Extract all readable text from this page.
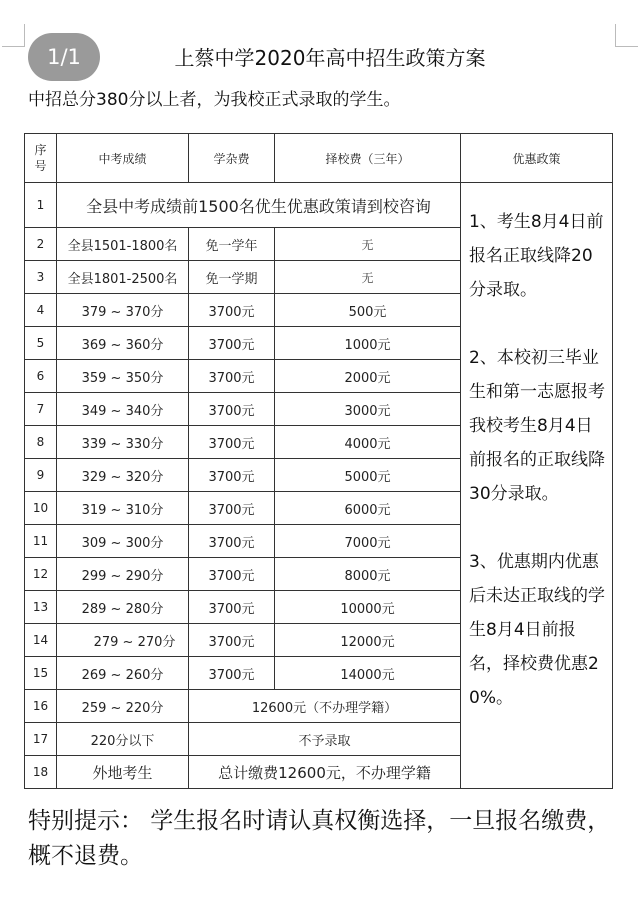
1/1	上蔡中学2020年高中招生政策方案
中招总分380分以上者，为我校正式录取的学生。
序号	中考成绩	学杂费	择校费（三年）	优惠政策
1	全县中考成绩前1500名优生优惠政策请到校咨询			1、考生8月4日前报名正取线降20分录取。

2、本校初三毕业生和第一志愿报考我校考生8月4日前报名的正取线降30分录取。

3、优惠期内优惠后未达正取线的学生8月4日前报名，择校费优惠20%。

2	全县1501-1800名	免一学年	无	
3	全县1801-2500名	免一学期	无	
4	379 ~ 370分	3700元	500元	
5	369 ~ 360分	3700元	1000元	
6	359 ~ 350分	3700元	2000元	
7	349 ~ 340分	3700元	3000元	
8	339 ~ 330分	3700元	4000元	
9	329 ~ 320分	3700元	5000元	
10	319 ~ 310分	3700元	6000元	
11	309 ~ 300分	3700元	7000元	
12	299 ~ 290分	3700元	8000元	
13	289 ~ 280分	3700元	10000元	
14	279 ~ 270分	3700元	12000元	
15	269 ~ 260分	3700元	14000元	
16	259 ~ 220分	12600元（不办理学籍）		
17	220分以下	不予录取		
18	外地考生	总计缴费12600元，不办理学籍		
特别提示： 学生报名时请认真权衡选择，一旦报名缴费，概不退费。
